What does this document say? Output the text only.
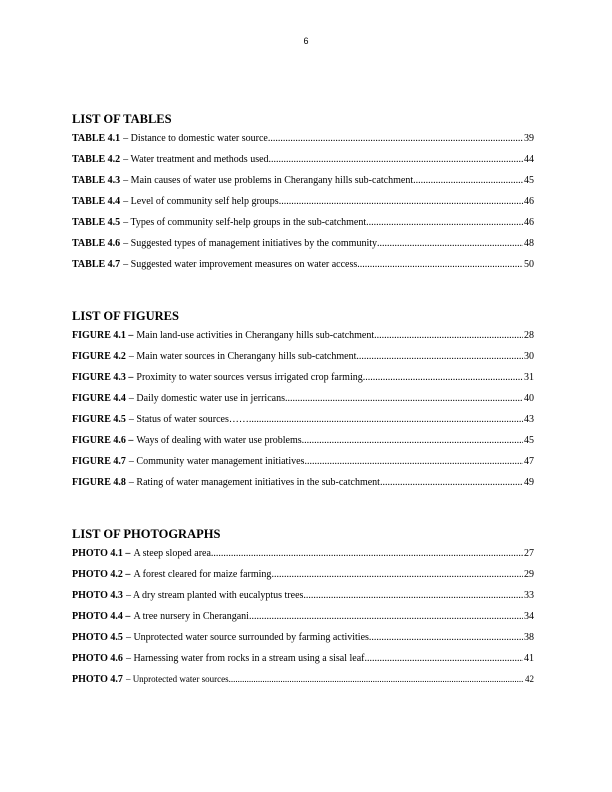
6
LIST OF TABLES
TABLE 4.1 – Distance to domestic water source .....	39
TABLE 4.2 – Water treatment and methods used .....	44
TABLE 4.3 – Main causes of water use problems in Cherangany hills sub-catchment .....	45
TABLE 4.4 – Level of community self help groups .....	46
TABLE 4.5 – Types of community self-help groups in the sub-catchment .....	46
TABLE 4.6 – Suggested types of management initiatives by the community .....	48
TABLE 4.7 – Suggested water improvement measures on water access .....	50
LIST OF FIGURES
FIGURE 4.1 – Main land-use activities in Cherangany hills sub-catchment .....	28
FIGURE 4.2 – Main water sources in Cherangany hills sub-catchment .....	30
FIGURE 4.3 – Proximity to water sources versus irrigated crop farming .....	31
FIGURE 4.4 – Daily domestic water use in jerricans .....	40
FIGURE 4.5 – Status of water sources…… .....	43
FIGURE 4.6 – Ways of dealing with water use problems .....	45
FIGURE 4.7 – Community water management initiatives .....	47
FIGURE 4.8 – Rating of water management initiatives in the sub-catchment .....	49
LIST OF PHOTOGRAPHS
PHOTO 4.1 – A steep sloped area .....	27
PHOTO 4.2 – A forest cleared for maize farming .....	29
PHOTO 4.3 – A dry stream planted with eucalyptus trees .....	33
PHOTO 4.4 – A tree nursery in Cherangani .....	34
PHOTO 4.5 – Unprotected water source surrounded by farming activities .....	38
PHOTO 4.6 – Harnessing water from rocks in a stream using a sisal leaf .....	41
PHOTO 4.7 – Unprotected water sources .....	42
